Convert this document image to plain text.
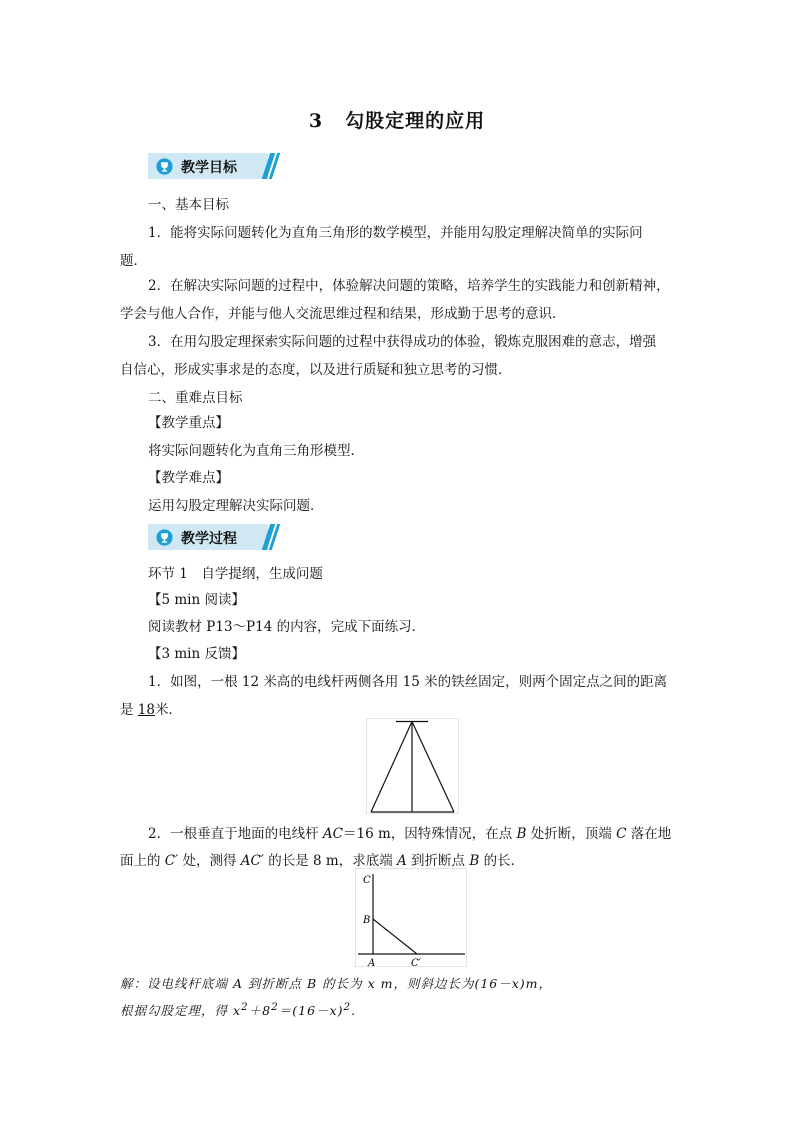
3 勾股定理的应用
教学目标
一、基本目标
1．能将实际问题转化为直角三角形的数学模型，并能用勾股定理解决简单的实际问
题．
2．在解决实际问题的过程中，体验解决问题的策略，培养学生的实践能力和创新精神，
学会与他人合作，并能与他人交流思维过程和结果，形成勤于思考的意识．
3．在用勾股定理探索实际问题的过程中获得成功的体验，锻炼克服困难的意志，增强
自信心，形成实事求是的态度，以及进行质疑和独立思考的习惯．
二、重难点目标
【教学重点】
将实际问题转化为直角三角形模型．
【教学难点】
运用勾股定理解决实际问题．
教学过程
环节 1　自学提纲，生成问题
【5 min 阅读】
阅读教材 P13～P14 的内容，完成下面练习．
【3 min 反馈】
1．如图，一根 12 米高的电线杆两侧各用 15 米的铁丝固定，则两个固定点之间的距离
是 18米．
2．一根垂直于地面的电线杆 AC＝16 m，因特殊情况，在点 B 处折断，顶端 C 落在地
面上的 C′ 处，测得 AC′ 的长是 8 m，求底端 A 到折断点 B 的长．
C
B
A	C′
解：设电线杆底端 A 到折断点 B 的长为 x m，则斜边长为(16－x)m，
根据勾股定理，得 $x^2+8^2=(16-x)^2$.
